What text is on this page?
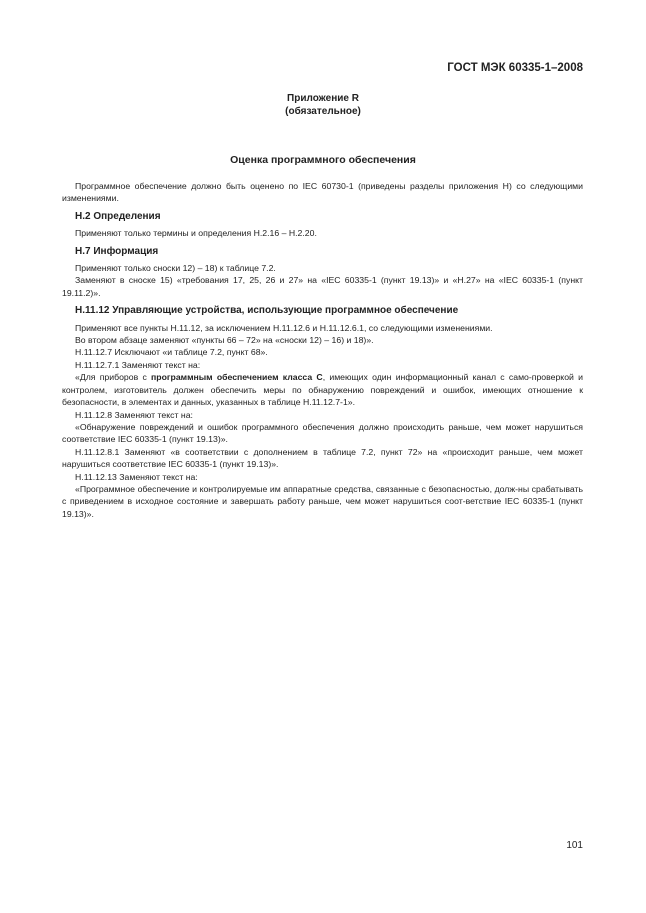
ГОСТ МЭК 60335-1–2008
Приложение R
(обязательное)
Оценка программного обеспечения

Программное обеспечение должно быть оценено по IEC 60730-1 (приведены разделы приложения H) со следующими изменениями.

H.2 Определения

Применяют только термины и определения H.2.16 – H.2.20.

H.7 Информация

Применяют только сноски 12) – 18) к таблице 7.2.

Заменяют в сноске 15) «требования 17, 25, 26 и 27» на «IEC 60335-1 (пункт 19.13)» и «H.27» на «IEC 60335-1 (пункт 19.11.2)».

H.11.12 Управляющие устройства, использующие программное обеспечение

Применяют все пункты H.11.12, за исключением H.11.12.6 и H.11.12.6.1, со следующими изменениями.

Во втором абзаце заменяют «пункты 66 – 72» на «сноски 12) – 16) и 18)».

H.11.12.7 Исключают «и таблице 7.2, пункт 68».

H.11.12.7.1 Заменяют текст на:

«Для приборов с программным обеспечением класса C, имеющих один информационный канал с само-проверкой и контролем, изготовитель должен обеспечить меры по обнаружению повреждений и ошибок, имеющих отношение к безопасности, в элементах и данных, указанных в таблице H.11.12.7-1».

H.11.12.8 Заменяют текст на:

«Обнаружение повреждений и ошибок программного обеспечения должно происходить раньше, чем может нарушиться соответствие IEC 60335-1 (пункт 19.13)».

H.11.12.8.1 Заменяют «в соответствии с дополнением в таблице 7.2, пункт 72» на «происходит раньше, чем может нарушиться соответствие IEC 60335-1 (пункт 19.13)».

H.11.12.13 Заменяют текст на:

«Программное обеспечение и контролируемые им аппаратные средства, связанные с безопасностью, долж-ны срабатывать с приведением в исходное состояние и завершать работу раньше, чем может нарушиться соот-ветствие IEC 60335-1 (пункт 19.13)».

101
